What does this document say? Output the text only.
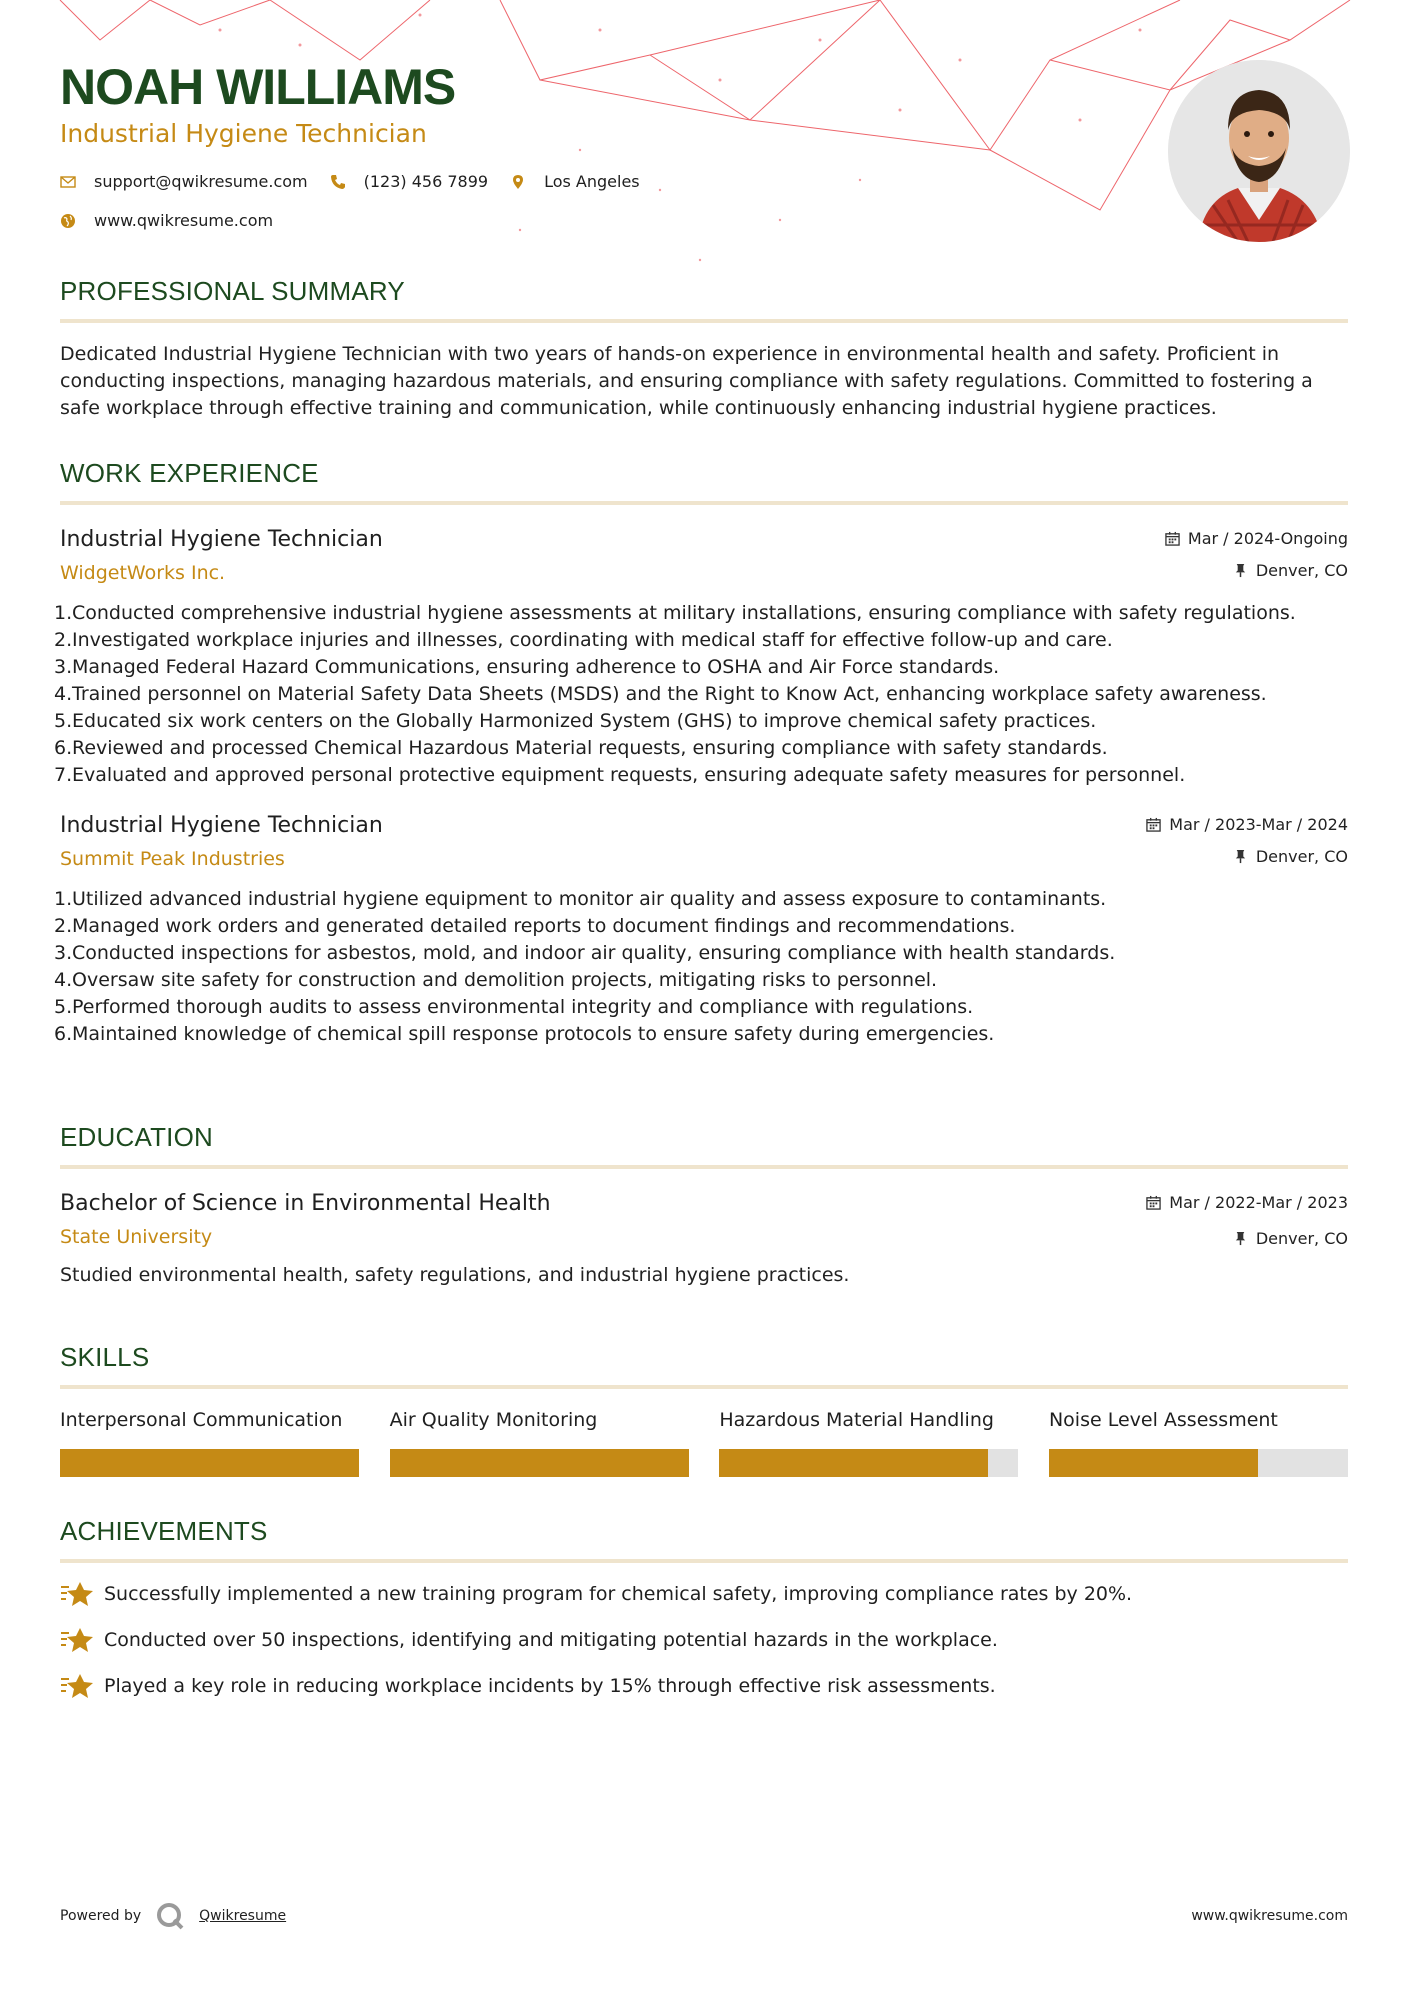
NOAH WILLIAMS
Industrial Hygiene Technician
support@qwikresume.com	(123) 456 7899	Los Angeles
www.qwikresume.com
PROFESSIONAL SUMMARY
Dedicated Industrial Hygiene Technician with two years of hands-on experience in environmental health and safety. Proficient in conducting inspections, managing hazardous materials, and ensuring compliance with safety regulations. Committed to fostering a safe workplace through effective training and communication, while continuously enhancing industrial hygiene practices.
WORK EXPERIENCE
Industrial Hygiene Technician
WidgetWorks Inc.
Mar / 2024-Ongoing
Denver, CO
1. Conducted comprehensive industrial hygiene assessments at military installations, ensuring compliance with safety regulations.
2. Investigated workplace injuries and illnesses, coordinating with medical staff for effective follow-up and care.
3. Managed Federal Hazard Communications, ensuring adherence to OSHA and Air Force standards.
4. Trained personnel on Material Safety Data Sheets (MSDS) and the Right to Know Act, enhancing workplace safety awareness.
5. Educated six work centers on the Globally Harmonized System (GHS) to improve chemical safety practices.
6. Reviewed and processed Chemical Hazardous Material requests, ensuring compliance with safety standards.
7. Evaluated and approved personal protective equipment requests, ensuring adequate safety measures for personnel.
Industrial Hygiene Technician
Summit Peak Industries
Mar / 2023-Mar / 2024
Denver, CO
1. Utilized advanced industrial hygiene equipment to monitor air quality and assess exposure to contaminants.
2. Managed work orders and generated detailed reports to document findings and recommendations.
3. Conducted inspections for asbestos, mold, and indoor air quality, ensuring compliance with health standards.
4. Oversaw site safety for construction and demolition projects, mitigating risks to personnel.
5. Performed thorough audits to assess environmental integrity and compliance with regulations.
6. Maintained knowledge of chemical spill response protocols to ensure safety during emergencies.
EDUCATION
Bachelor of Science in Environmental Health
State University
Mar / 2022-Mar / 2023
Denver, CO
Studied environmental health, safety regulations, and industrial hygiene practices.
SKILLS
Interpersonal Communication	Air Quality Monitoring	Hazardous Material Handling	Noise Level Assessment
ACHIEVEMENTS
Successfully implemented a new training program for chemical safety, improving compliance rates by 20%.
Conducted over 50 inspections, identifying and mitigating potential hazards in the workplace.
Played a key role in reducing workplace incidents by 15% through effective risk assessments.
Powered by	Qwikresume	www.qwikresume.com
